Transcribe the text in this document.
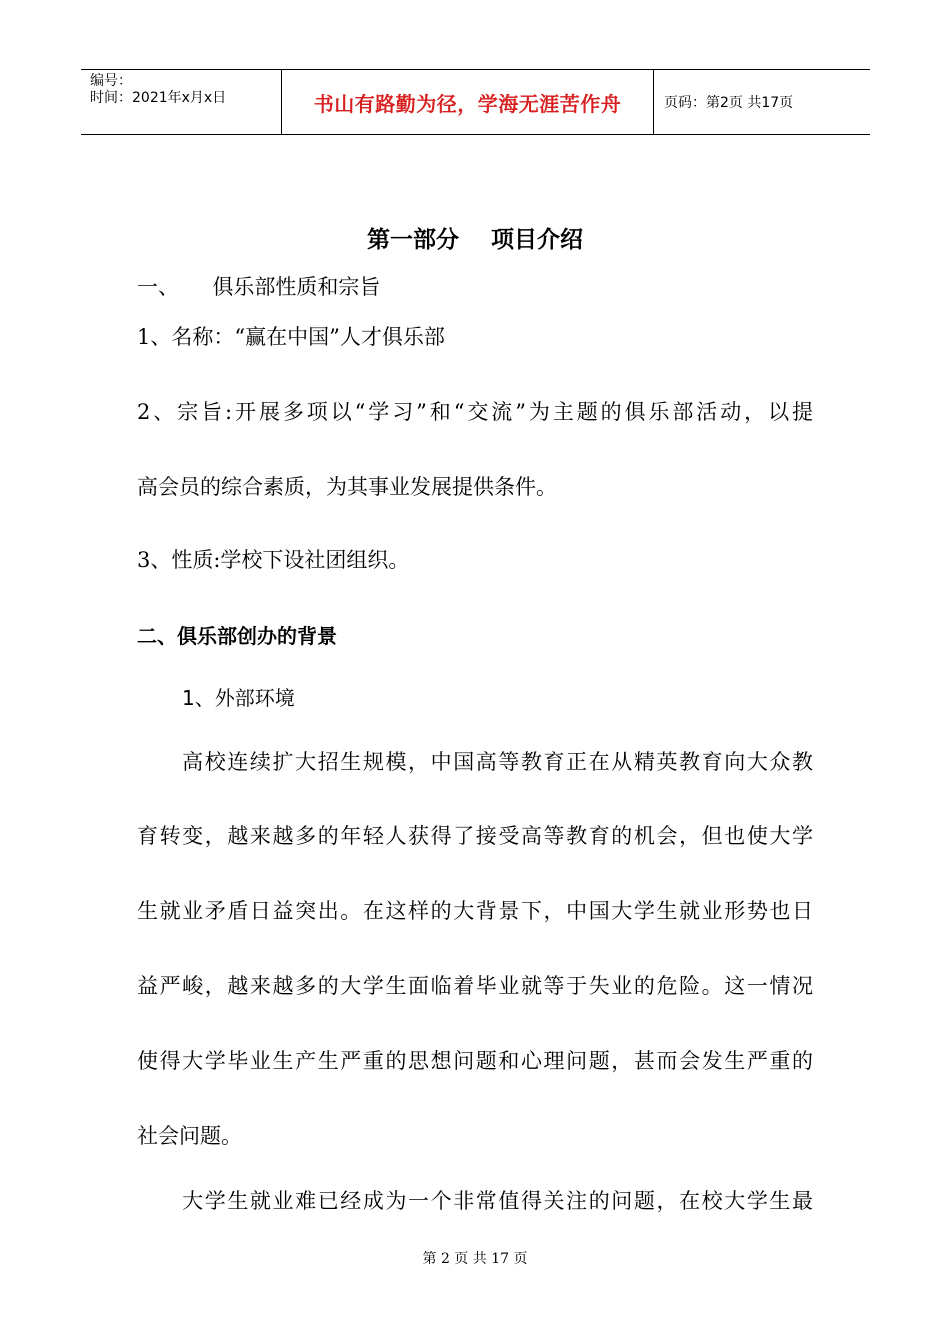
编号：
时间：2021年x月x日	书山有路勤为径，学海无涯苦作舟	页码：第2页 共17页
第一部分    项目介绍
一、     俱乐部性质和宗旨
1、名称：“赢在中国”人才俱乐部
2、宗旨:开展多项以“学习”和“交流”为主题的俱乐部活动，以提
高会员的综合素质，为其事业发展提供条件。
3、性质:学校下设社团组织。
二、俱乐部创办的背景
1、外部环境
　　高校连续扩大招生规模，中国高等教育正在从精英教育向大众教
育转变，越来越多的年轻人获得了接受高等教育的机会，但也使大学
生就业矛盾日益突出。在这样的大背景下，中国大学生就业形势也日
益严峻，越来越多的大学生面临着毕业就等于失业的危险。这一情况
使得大学毕业生产生严重的思想问题和心理问题，甚而会发生严重的
社会问题。
　　大学生就业难已经成为一个非常值得关注的问题，在校大学生最
第 2 页 共 17 页
